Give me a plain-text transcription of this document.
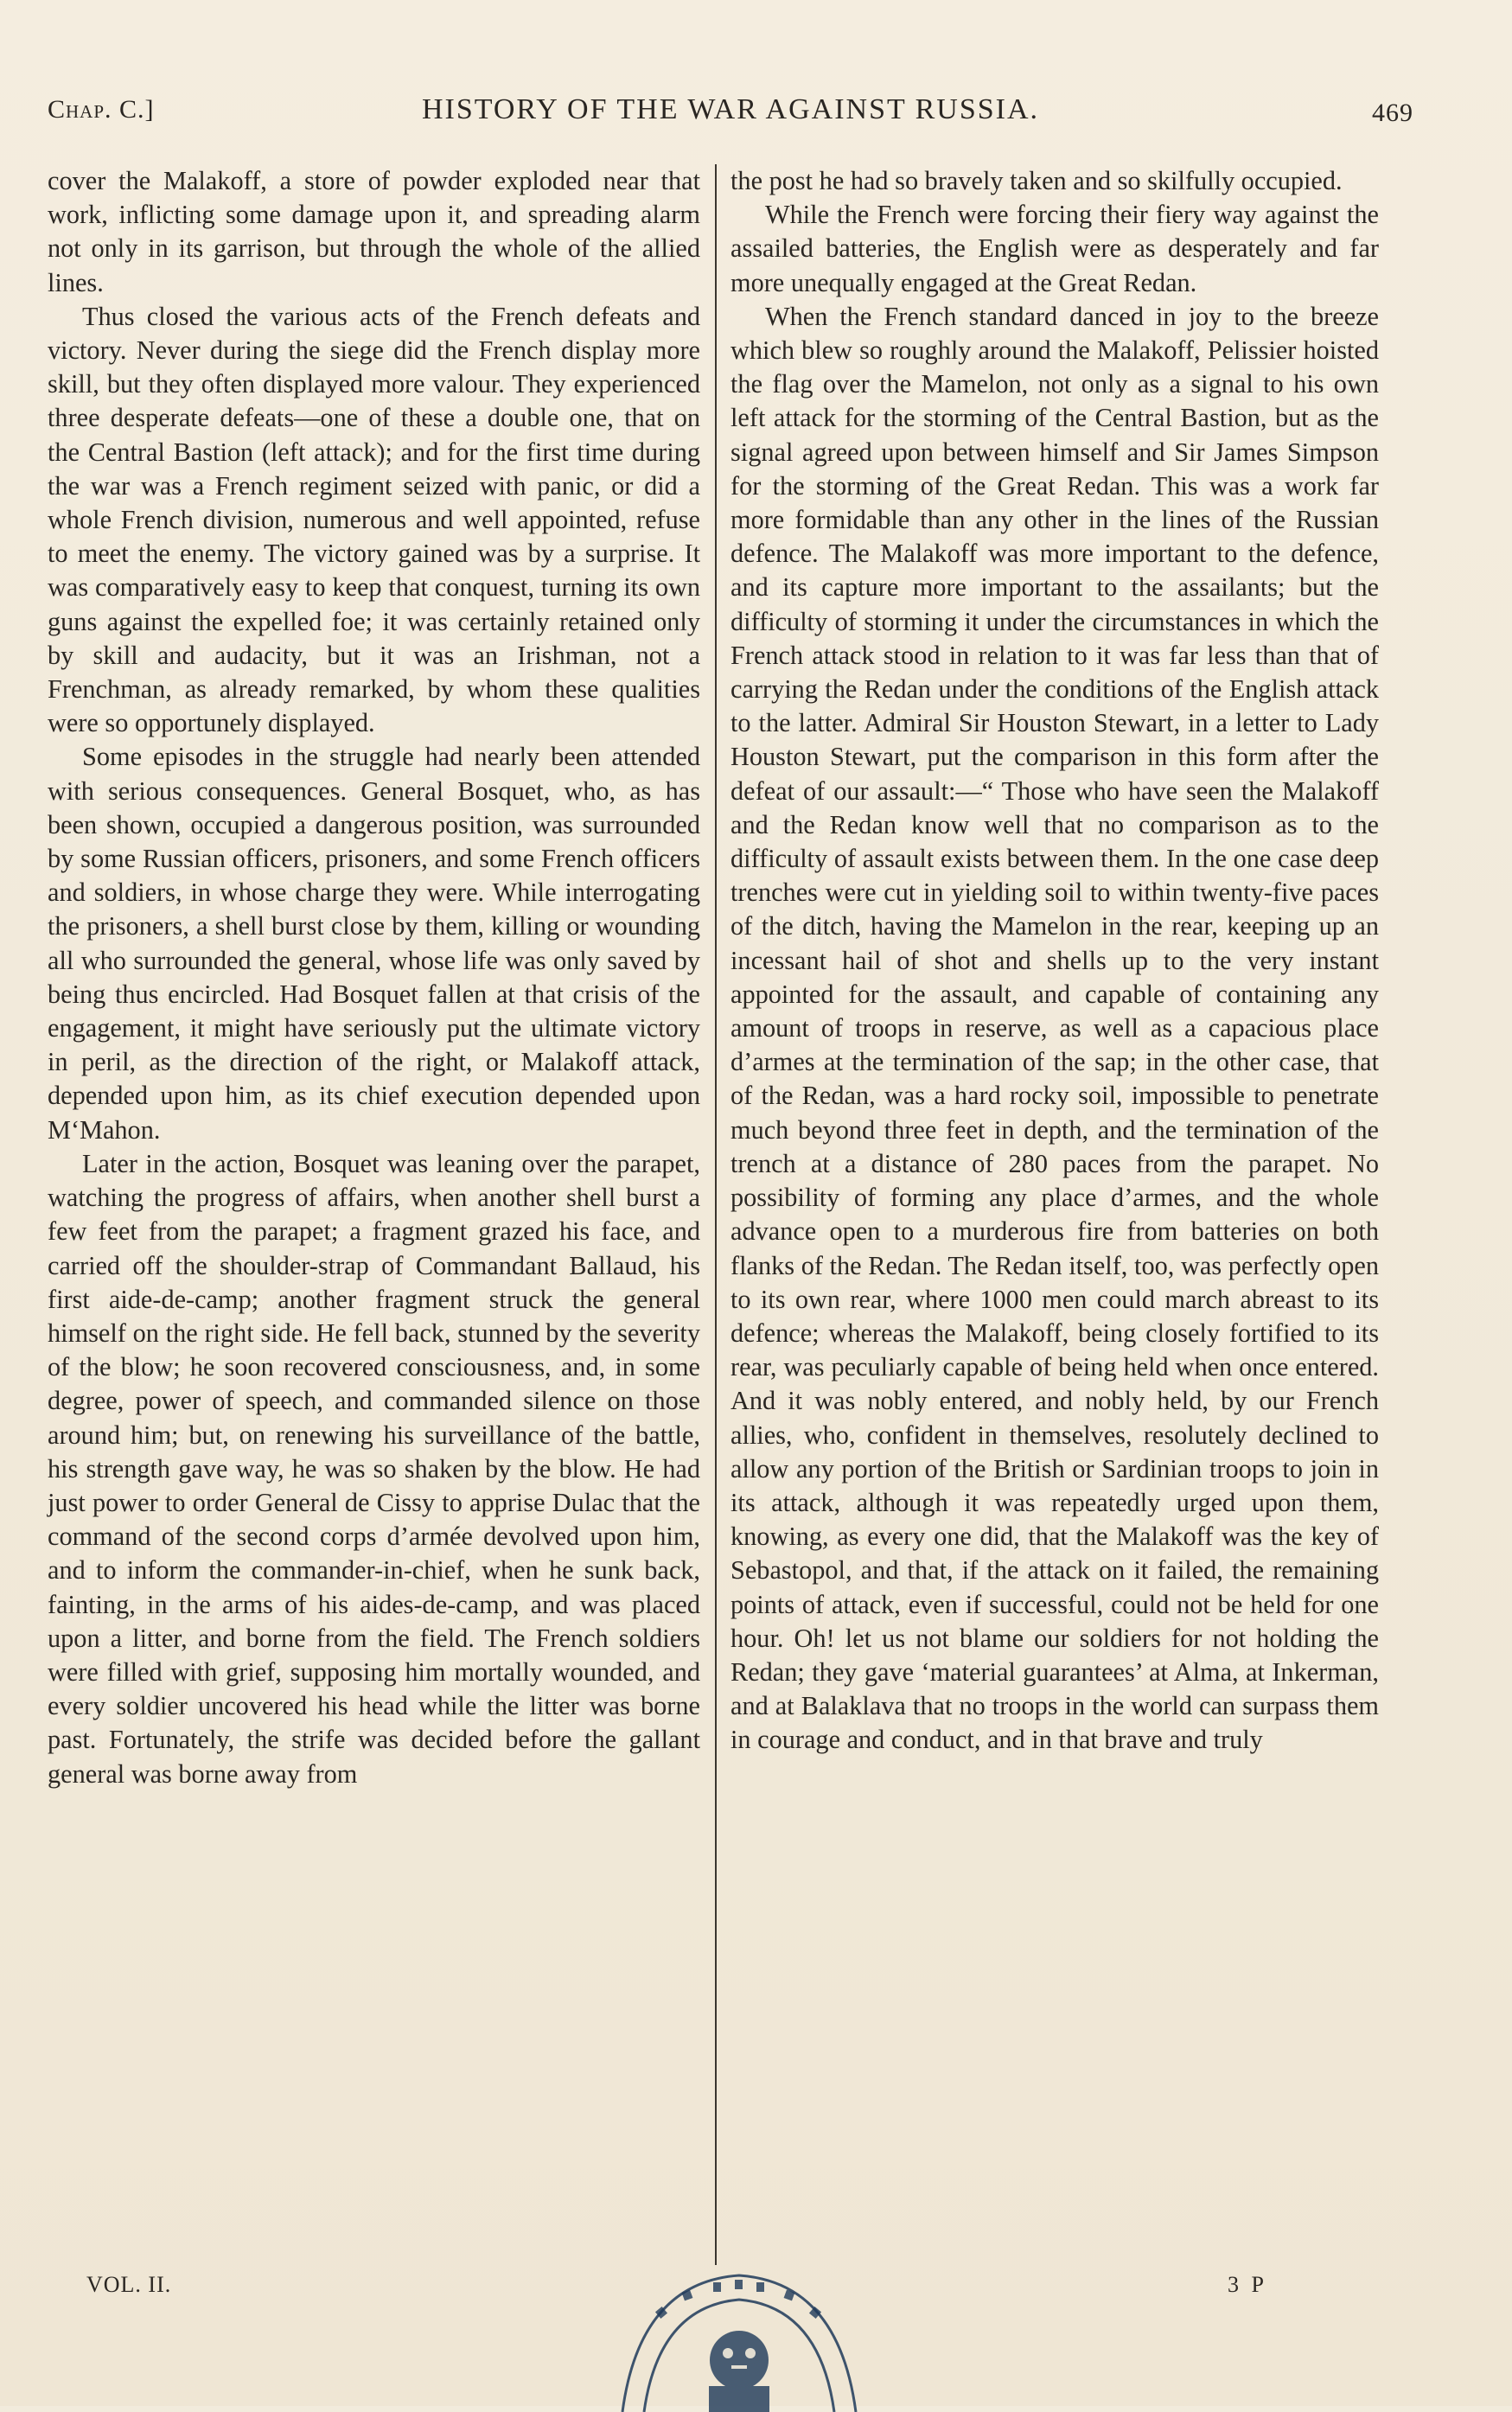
Chap. C.]	HISTORY OF THE WAR AGAINST RUSSIA.	469

cover the Malakoff, a store of powder exploded near that work, inflicting some damage upon it, and spreading alarm not only in its garrison, but through the whole of the allied lines.

Thus closed the various acts of the French defeats and victory. Never during the siege did the French display more skill, but they often displayed more valour. They experienced three desperate defeats—one of these a double one, that on the Central Bastion (left attack); and for the first time during the war was a French regiment seized with panic, or did a whole French division, numerous and well appointed, refuse to meet the enemy. The victory gained was by a surprise. It was comparatively easy to keep that conquest, turning its own guns against the expelled foe; it was certainly retained only by skill and audacity, but it was an Irishman, not a Frenchman, as already remarked, by whom these qualities were so opportunely displayed.

Some episodes in the struggle had nearly been attended with serious consequences. General Bosquet, who, as has been shown, occupied a dangerous position, was surrounded by some Russian officers, prisoners, and some French officers and soldiers, in whose charge they were. While interrogating the prisoners, a shell burst close by them, killing or wounding all who surrounded the general, whose life was only saved by being thus encircled. Had Bosquet fallen at that crisis of the engagement, it might have seriously put the ultimate victory in peril, as the direction of the right, or Malakoff attack, depended upon him, as its chief execution depended upon M‘Mahon.

Later in the action, Bosquet was leaning over the parapet, watching the progress of affairs, when another shell burst a few feet from the parapet; a fragment grazed his face, and carried off the shoulder-strap of Commandant Ballaud, his first aide-de-camp; another fragment struck the general himself on the right side. He fell back, stunned by the severity of the blow; he soon recovered consciousness, and, in some degree, power of speech, and commanded silence on those around him; but, on renewing his surveillance of the battle, his strength gave way, he was so shaken by the blow. He had just power to order General de Cissy to apprise Dulac that the command of the second corps d’armée devolved upon him, and to inform the commander-in-chief, when he sunk back, fainting, in the arms of his aides-de-camp, and was placed upon a litter, and borne from the field. The French soldiers were filled with grief, supposing him mortally wounded, and every soldier uncovered his head while the litter was borne past. Fortunately, the strife was decided before the gallant general was borne away from

the post he had so bravely taken and so skilfully occupied.

While the French were forcing their fiery way against the assailed batteries, the English were as desperately and far more unequally engaged at the Great Redan.

When the French standard danced in joy to the breeze which blew so roughly around the Malakoff, Pelissier hoisted the flag over the Mamelon, not only as a signal to his own left attack for the storming of the Central Bastion, but as the signal agreed upon between himself and Sir James Simpson for the storming of the Great Redan. This was a work far more formidable than any other in the lines of the Russian defence. The Malakoff was more important to the defence, and its capture more important to the assailants; but the difficulty of storming it under the circumstances in which the French attack stood in relation to it was far less than that of carrying the Redan under the conditions of the English attack to the latter. Admiral Sir Houston Stewart, in a letter to Lady Houston Stewart, put the comparison in this form after the defeat of our assault:—“ Those who have seen the Malakoff and the Redan know well that no comparison as to the difficulty of assault exists between them. In the one case deep trenches were cut in yielding soil to within twenty-five paces of the ditch, having the Mamelon in the rear, keeping up an incessant hail of shot and shells up to the very instant appointed for the assault, and capable of containing any amount of troops in reserve, as well as a capacious place d’armes at the termination of the sap; in the other case, that of the Redan, was a hard rocky soil, impossible to penetrate much beyond three feet in depth, and the termination of the trench at a distance of 280 paces from the parapet. No possibility of forming any place d’armes, and the whole advance open to a murderous fire from batteries on both flanks of the Redan. The Redan itself, too, was perfectly open to its own rear, where 1000 men could march abreast to its defence; whereas the Malakoff, being closely fortified to its rear, was peculiarly capable of being held when once entered. And it was nobly entered, and nobly held, by our French allies, who, confident in themselves, resolutely declined to allow any portion of the British or Sardinian troops to join in its attack, although it was repeatedly urged upon them, knowing, as every one did, that the Malakoff was the key of Sebastopol, and that, if the attack on it failed, the remaining points of attack, even if successful, could not be held for one hour. Oh! let us not blame our soldiers for not holding the Redan; they gave ‘material guarantees’ at Alma, at Inkerman, and at Balaklava that no troops in the world can surpass them in courage and conduct, and in that brave and truly

VOL. II.	3 P
